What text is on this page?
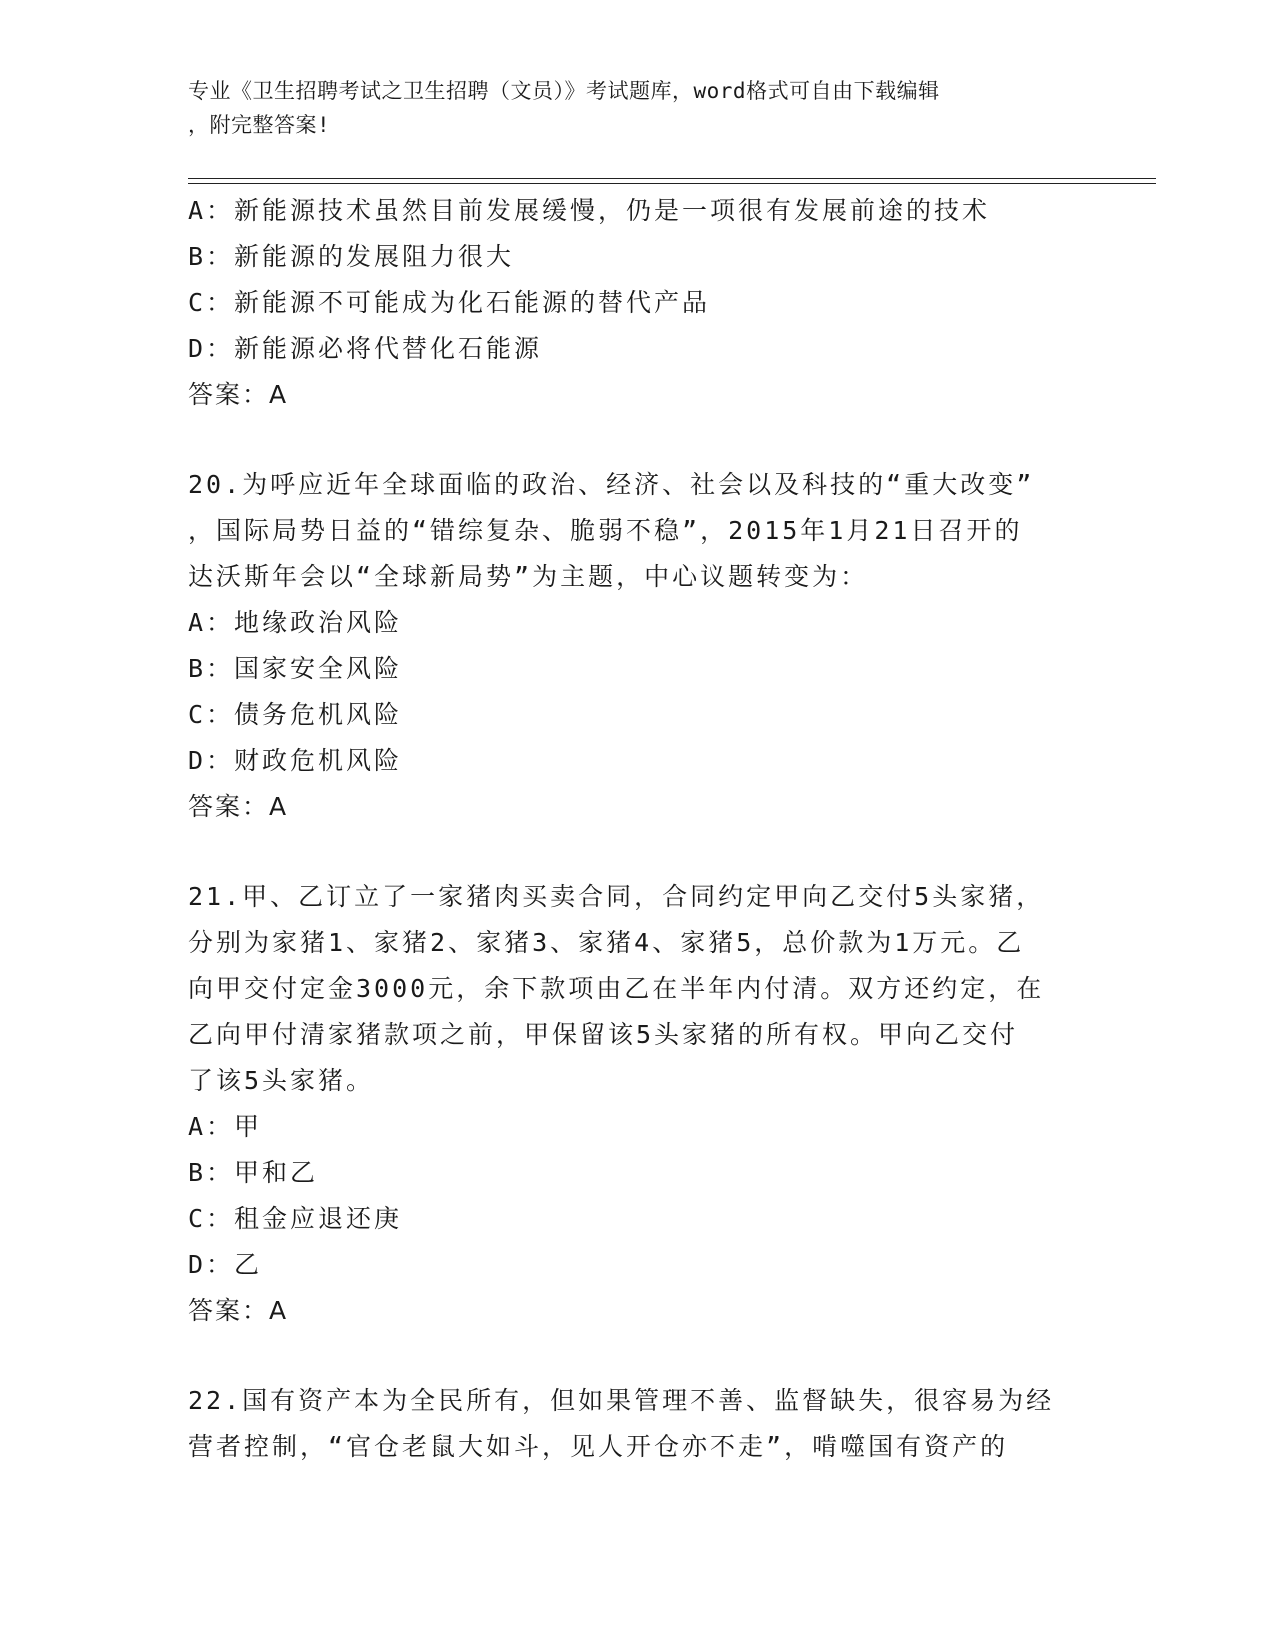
专业《卫生招聘考试之卫生招聘（文员）》考试题库，word格式可自由下载编辑
，附完整答案!
A：新能源技术虽然目前发展缓慢，仍是一项很有发展前途的技术
B：新能源的发展阻力很大
C：新能源不可能成为化石能源的替代产品
D：新能源必将代替化石能源
答案：A
20.为呼应近年全球面临的政治、经济、社会以及科技的“重大改变”
，国际局势日益的“错综复杂、脆弱不稳”，2015年1月21日召开的
达沃斯年会以“全球新局势”为主题，中心议题转变为：
A：地缘政治风险
B：国家安全风险
C：债务危机风险
D：财政危机风险
答案：A
21.甲、乙订立了一家猪肉买卖合同，合同约定甲向乙交付5头家猪，
分别为家猪1、家猪2、家猪3、家猪4、家猪5，总价款为1万元。乙
向甲交付定金3000元，余下款项由乙在半年内付清。双方还约定，在
乙向甲付清家猪款项之前，甲保留该5头家猪的所有权。甲向乙交付
了该5头家猪。
A：甲
B：甲和乙
C：租金应退还庚
D：乙
答案：A
22.国有资产本为全民所有，但如果管理不善、监督缺失，很容易为经
营者控制，“官仓老鼠大如斗，见人开仓亦不走”，啃噬国有资产的
